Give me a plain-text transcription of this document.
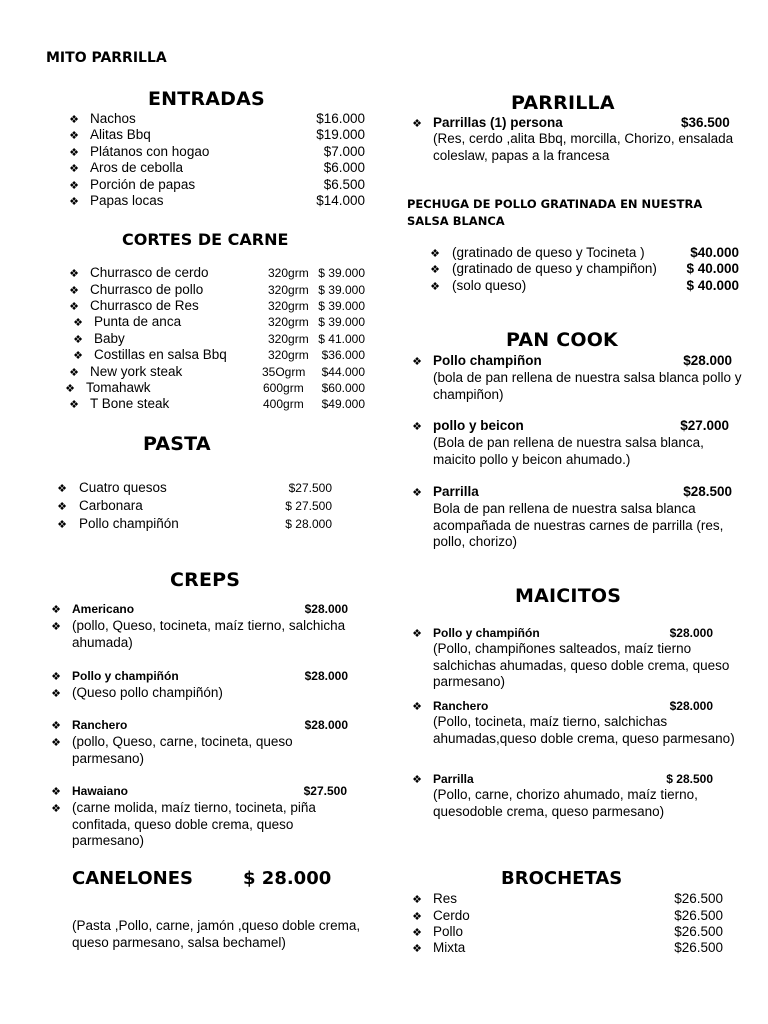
MITO PARRILLA
ENTRADAS
❖ Nachos	$16.000
❖ Alitas Bbq	$19.000
❖ Plátanos con hogao	$7.000
❖ Aros de cebolla	$6.000
❖ Porción de papas	$6.500
❖ Papas locas	$14.000
CORTES DE CARNE
❖ Churrasco de cerdo	320grm $ 39.000
❖ Churrasco de pollo	320grm $ 39.000
❖ Churrasco de Res	320grm $ 39.000
❖ Punta de anca	320grm $ 39.000
❖ Baby	320grm $ 41.000
❖ Costillas en salsa Bbq	320grm $36.000
❖ New york steak	35Ogrm $44.000
❖ Tomahawk	600grm $60.000
❖ T Bone steak	400grm $49.000
PASTA
❖ Cuatro quesos	$27.500
❖ Carbonara	$ 27.500
❖ Pollo champiñón	$ 28.000
CREPS
❖ Americano	$28.000
❖ (pollo, Queso, tocineta, maíz tierno, salchicha ahumada)
❖ Pollo y champiñón	$28.000
❖ (Queso pollo champiñón)
❖ Ranchero	$28.000
❖ (pollo, Queso, carne, tocineta, queso parmesano)
❖ Hawaiano	$27.500
❖ (carne molida, maíz tierno, tocineta, piña confitada, queso doble crema, queso parmesano)
CANELONES	$ 28.000
(Pasta ,Pollo, carne, jamón ,queso doble crema, queso parmesano, salsa bechamel)
PARRILLA
❖ Parrillas (1) persona	$36.500
(Res, cerdo ,alita Bbq, morcilla, Chorizo, ensalada coleslaw, papas a la francesa
PECHUGA DE POLLO GRATINADA EN NUESTRA SALSA BLANCA
❖ (gratinado de queso y Tocineta )	$40.000
❖ (gratinado de queso y champiñon) $ 40.000
❖ (solo queso)	$ 40.000
PAN COOK
❖ Pollo champiñon	$28.000
(bola de pan rellena de nuestra salsa blanca pollo y champiñon)
❖ pollo y beicon	$27.000
(Bola de pan rellena de nuestra salsa blanca, maicito pollo y beicon ahumado.)
❖ Parrilla	$28.500
Bola de pan rellena de nuestra salsa blanca acompañada de nuestras carnes de parrilla (res, pollo, chorizo)
MAICITOS
❖ Pollo y champiñón	$28.000
(Pollo, champiñones salteados, maíz tierno salchichas ahumadas, queso doble crema, queso parmesano)
❖ Ranchero	$28.000
(Pollo, tocineta, maíz tierno, salchichas ahumadas,queso doble crema, queso parmesano)
❖ Parrilla	$ 28.500
(Pollo, carne, chorizo ahumado, maíz tierno, quesodoble crema, queso parmesano)
BROCHETAS
❖ Res	$26.500
❖ Cerdo	$26.500
❖ Pollo	$26.500
❖ Mixta	$26.500
